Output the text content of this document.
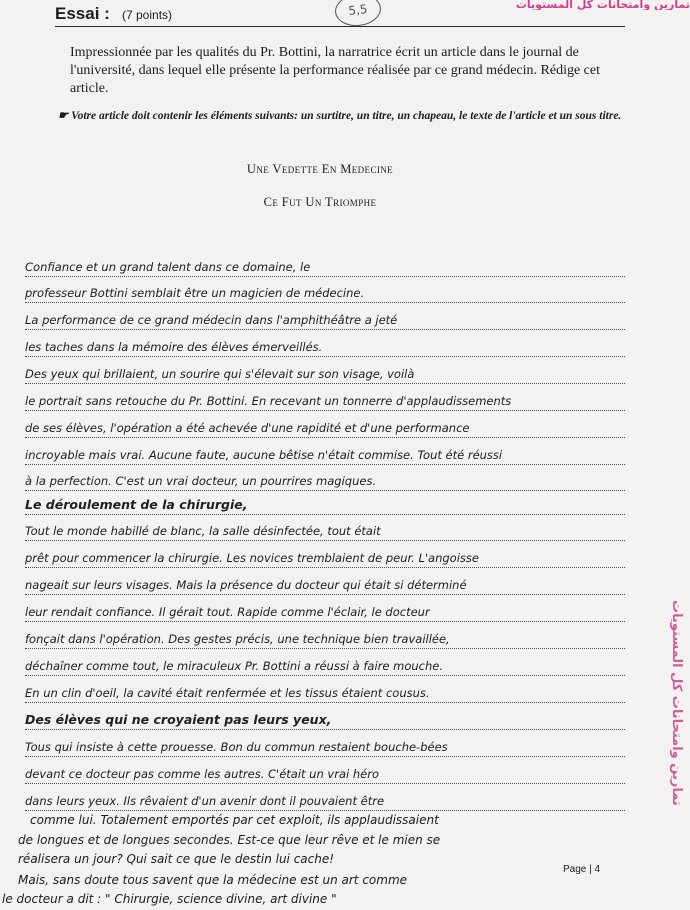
تمارين وامتحانات كل المستويات
Essai : (7 points)	5,5

Impressionnée par les qualités du Pr. Bottini, la narratrice écrit un article dans le journal de l'université, dans lequel elle présente la performance réalisée par ce grand médecin. Rédige cet article.

☛ Votre article doit contenir les éléments suivants: un surtitre, un titre, un chapeau, le texte de l'article et un sous titre.

Une Vedette En Medecine
Ce Fut Un Triomphe
Confiance et un grand talent dans ce domaine, le
professeur Bottini semblait être un magicien de médecine.
La performance de ce grand médecin dans l'amphithéâtre a jeté
les taches dans la mémoire des élèves émerveillés.
Des yeux qui brillaient, un sourire qui s'élevait sur son visage, voilà
le portrait sans retouche du Pr. Bottini. En recevant un tonnerre d'applaudissements
de ses élèves, l'opération a été achevée d'une rapidité et d'une performance
incroyable mais vrai. Aucune faute, aucune bêtise n'était commise. Tout été réussi
à la perfection. C'est un vrai docteur, un pourrires magiques.
Le déroulement de la chirurgie,
Tout le monde habillé de blanc, la salle désinfectée, tout était
prêt pour commencer la chirurgie. Les novices tremblaient de peur. L'angoisse
nageait sur leurs visages. Mais la présence du docteur qui était si déterminé
leur rendait confiance. Il gérait tout. Rapide comme l'éclair, le docteur
fonçait dans l'opération. Des gestes précis, une technique bien travaillée,
déchaîner comme tout, le miraculeux Pr. Bottini a réussi à faire mouche.
En un clin d'oeil, la cavité était renfermée et les tissus étaient cousus.
Des élèves qui ne croyaient pas leurs yeux,
Tous qui insiste à cette prouesse. Bon du commun restaient bouche-bées
devant ce docteur pas comme les autres. C'était un vrai héro
dans leurs yeux. Ils rêvaient d'un avenir dont il pouvaient être
comme lui. Totalement emportés par cet exploit, ils applaudissaient
de longues et de longues secondes. Est-ce que leur rêve et le mien se
réalisera un jour? Qui sait ce que le destin lui cache!
Mais, sans doute tous savent que la médecine est un art comme
le docteur a dit : " Chirurgie, science divine, art divine "
Page | 4
تمارين وامتحانات كل المستويات
